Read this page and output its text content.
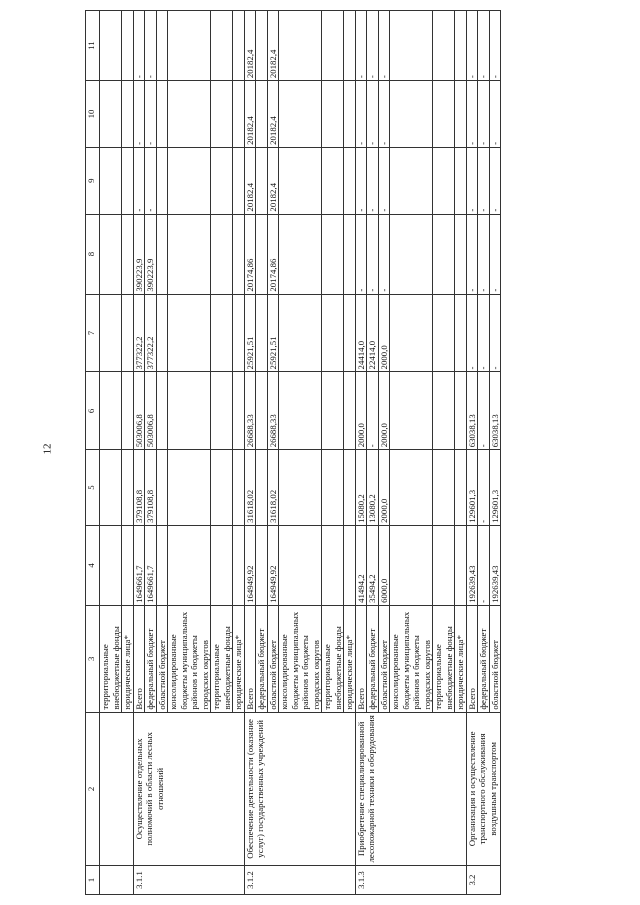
12
1	2	3	4	5	6	7	8	9	10	11
		территориальные внебюджетные фонды								
		юридические лица*								
3.1.1	Осуществление отдельных полномочий в области лесных отношений	Всего	1649661,7	379108,8	503006,8	377322,2	390223,9	-	-	-
		федеральный бюджет	1649661,7	379108,8	503006,8	377322,2	390223,9	-	-	-
		областной бюджет								
		консолидированные бюджеты муниципальных районов и бюджеты городских округов								
		территориальные внебюджетные фонды								
		юридические лица*								
3.1.2	Обеспечение деятельности (оказание услуг) государственных учреждений	Всего	164949,92	31618,02	26688,33	25921,51	20174,86	20182,4	20182,4	20182,4
		федеральный бюджет								
		областной бюджет	164949,92	31618,02	26688,33	25921,51	20174,86	20182,4	20182,4	20182,4
		консолидированные бюджеты муниципальных районов и бюджеты городских округов								
		территориальные внебюджетные фонды								
		юридические лица*								
3.1.3	Приобретение специализированной лесопожарной техники и оборудования	Всего	41494,2	15080,2	2000,0	24414,0	-	-	-	-
		федеральный бюджет	35494,2	13080,2	-	22414,0	-	-	-	-
		областной бюджет	6000,0	2000,0	2000,0	2000,0	-	-	-	-
		консолидированные бюджеты муниципальных районов и бюджеты городских округов								
		территориальные внебюджетные фонды								
		юридические лица*								
3.2	Организация и осуществление транспортного обслуживания воздушным транспортом	Всего	192639,43	129601,3	63038,13	-	-	-	-	-
		федеральный бюджет	-	-	-	-	-	-	-	-
		областной бюджет	192639,43	129601,3	63038,13	-	-	-	-	-
